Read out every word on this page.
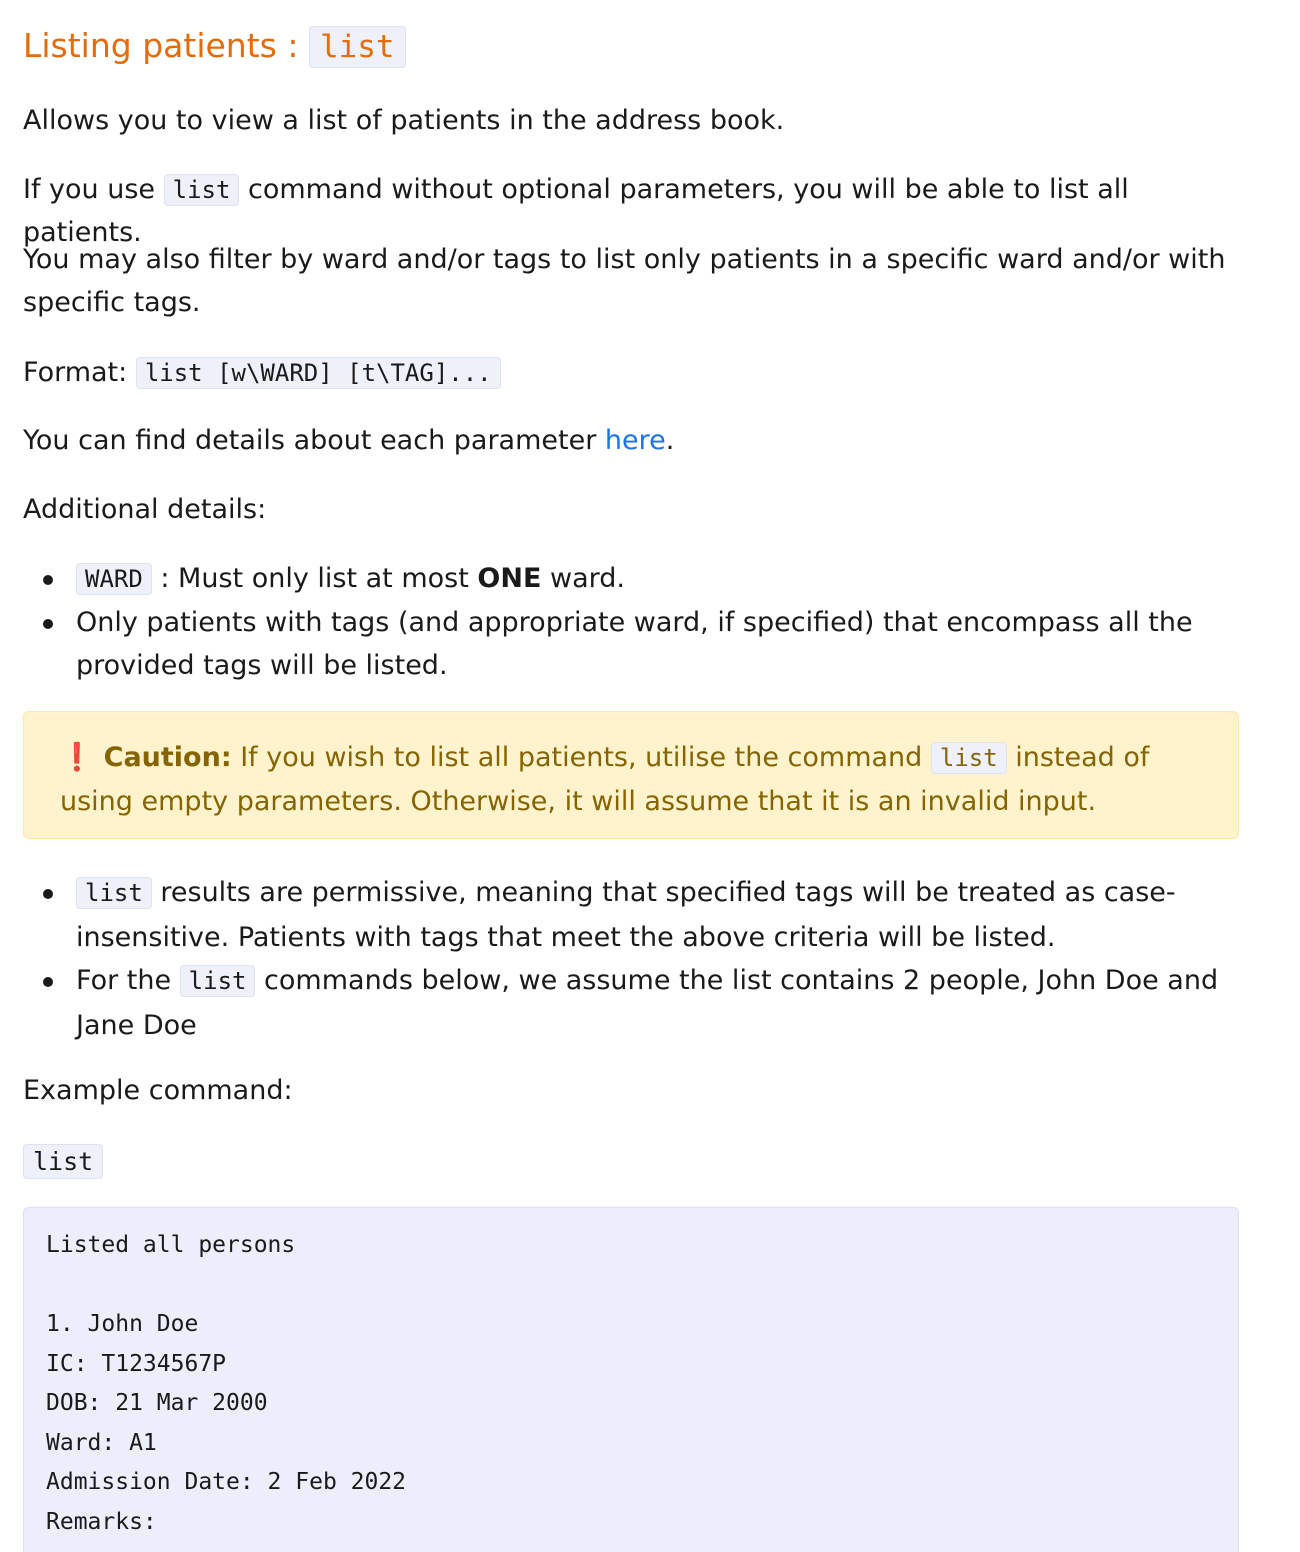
Listing patients : list

Allows you to view a list of patients in the address book.

If you use list command without optional parameters, you will be able to list all patients.

You may also filter by ward and/or tags to list only patients in a specific ward and/or with specific tags.

Format: list [w\WARD] [t\TAG]...

You can find details about each parameter here.

Additional details:

WARD : Must only list at most ONE ward.
Only patients with tags (and appropriate ward, if specified) that encompass all the provided tags will be listed.
❗ Caution: If you wish to list all patients, utilise the command list instead of using empty parameters. Otherwise, it will assume that it is an invalid input.
list results are permissive, meaning that specified tags will be treated as case-insensitive. Patients with tags that meet the above criteria will be listed.
For the list commands below, we assume the list contains 2 people, John Doe and Jane Doe

Example command:

list
Listed all persons

1. John Doe
IC: T1234567P
DOB: 21 Mar 2000
Ward: A1
Admission Date: 2 Feb 2022
Remarks:
